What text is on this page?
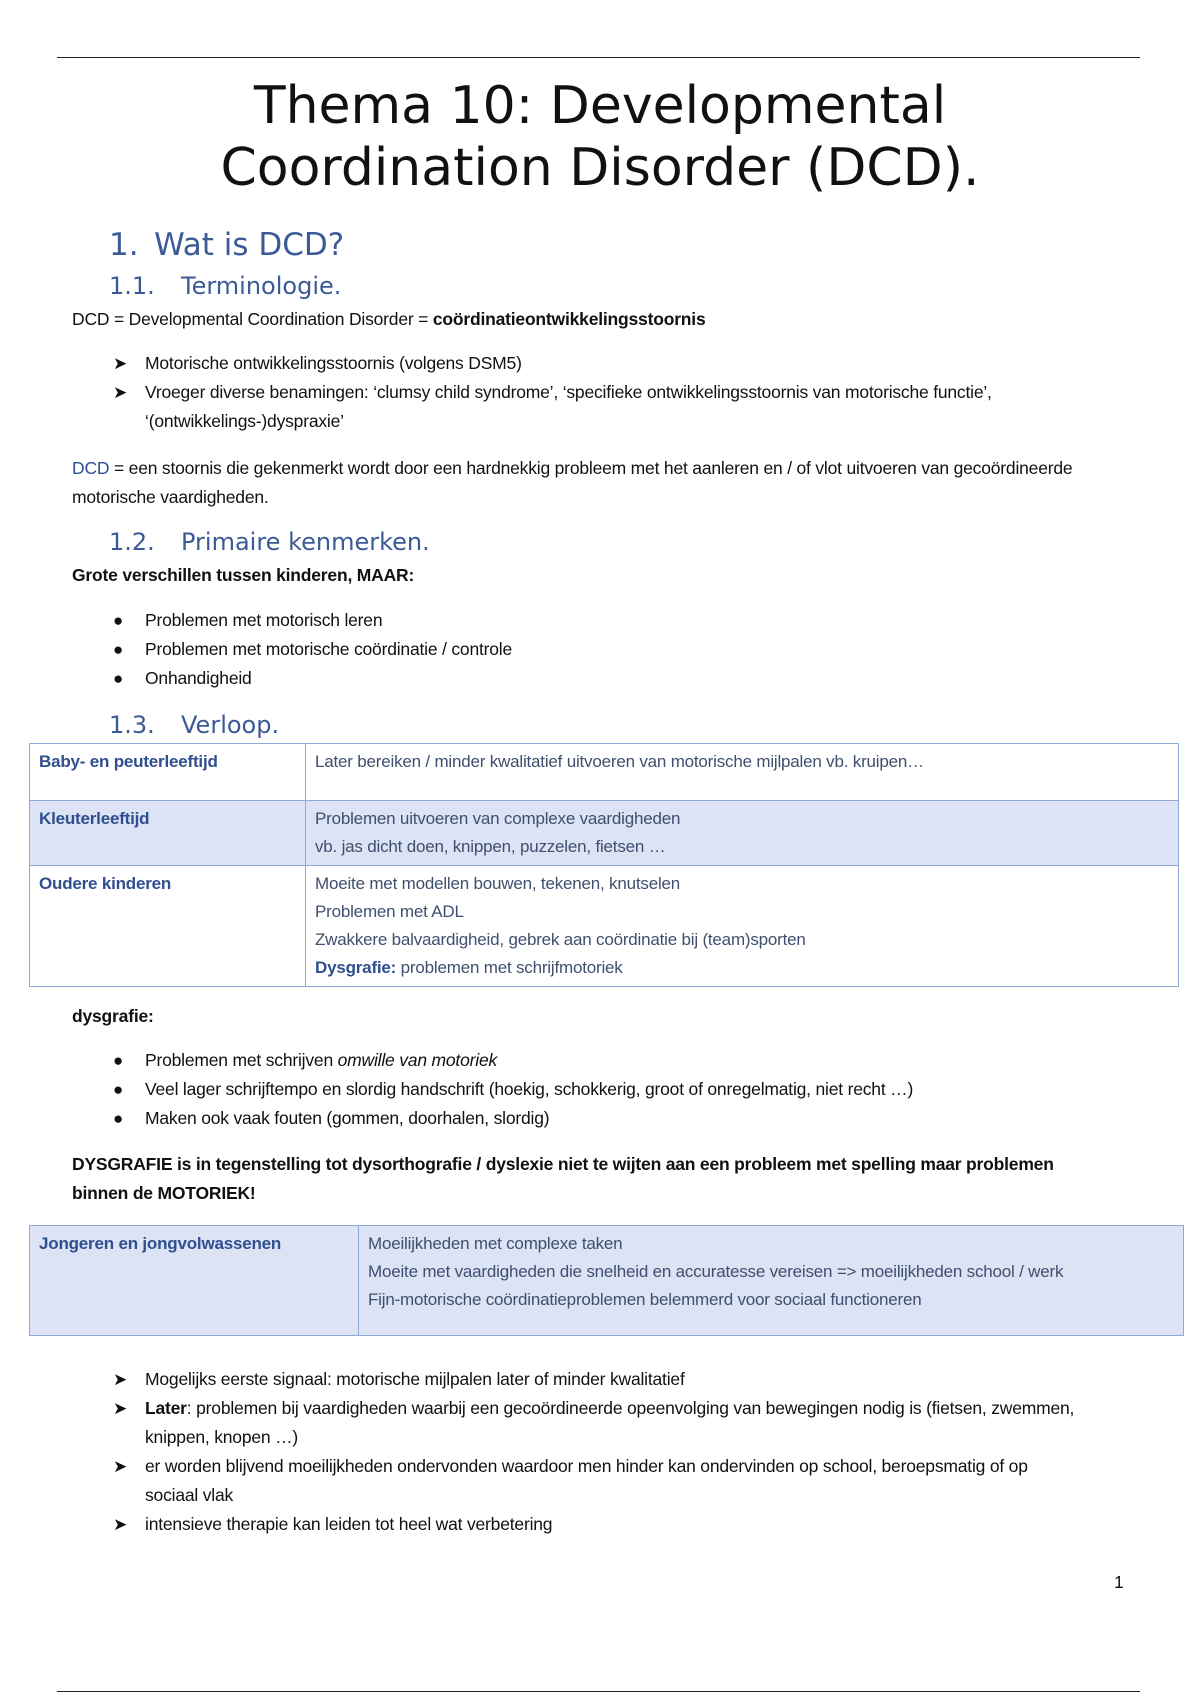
Thema 10: Developmental
Coordination Disorder (DCD).
1. Wat is DCD?
1.1. Terminologie.
DCD = Developmental Coordination Disorder = coördinatieontwikkelingsstoornis
➤ Motorische ontwikkelingsstoornis (volgens DSM5)
➤ Vroeger diverse benamingen: ‘clumsy child syndrome’, ‘specifieke ontwikkelingsstoornis van motorische functie’, ‘(ontwikkelings-)dyspraxie’
DCD = een stoornis die gekenmerkt wordt door een hardnekkig probleem met het aanleren en / of vlot uitvoeren van gecoördineerde motorische vaardigheden.
1.2. Primaire kenmerken.
Grote verschillen tussen kinderen, MAAR:
● Problemen met motorisch leren
● Problemen met motorische coördinatie / controle
● Onhandigheid
1.3. Verloop.
Baby- en peuterleeftijd	Later bereiken / minder kwalitatief uitvoeren van motorische mijlpalen vb. kruipen…

Kleuterleeftijd	Problemen uitvoeren van complexe vaardigheden
vb. jas dicht doen, knippen, puzzelen, fietsen …

Oudere kinderen	Moeite met modellen bouwen, tekenen, knutselen
Problemen met ADL
Zwakkere balvaardigheid, gebrek aan coördinatie bij (team)sporten
Dysgrafie: problemen met schrijfmotoriek
dysgrafie:
● Problemen met schrijven omwille van motoriek
● Veel lager schrijftempo en slordig handschrift (hoekig, schokkerig, groot of onregelmatig, niet recht …)
● Maken ook vaak fouten (gommen, doorhalen, slordig)
DYSGRAFIE is in tegenstelling tot dysorthografie / dyslexie niet te wijten aan een probleem met spelling maar problemen binnen de MOTORIEK!
Jongeren en jongvolwassenen	Moeilijkheden met complexe taken
Moeite met vaardigheden die snelheid en accuratesse vereisen => moeilijkheden school / werk
Fijn-motorische coördinatieproblemen belemmerd voor sociaal functioneren
➤ Mogelijks eerste signaal: motorische mijlpalen later of minder kwalitatief
➤ Later: problemen bij vaardigheden waarbij een gecoördineerde opeenvolging van bewegingen nodig is (fietsen, zwemmen, knippen, knopen …)
➤ er worden blijvend moeilijkheden ondervonden waardoor men hinder kan ondervinden op school, beroepsmatig of op sociaal vlak
➤ intensieve therapie kan leiden tot heel wat verbetering
1
